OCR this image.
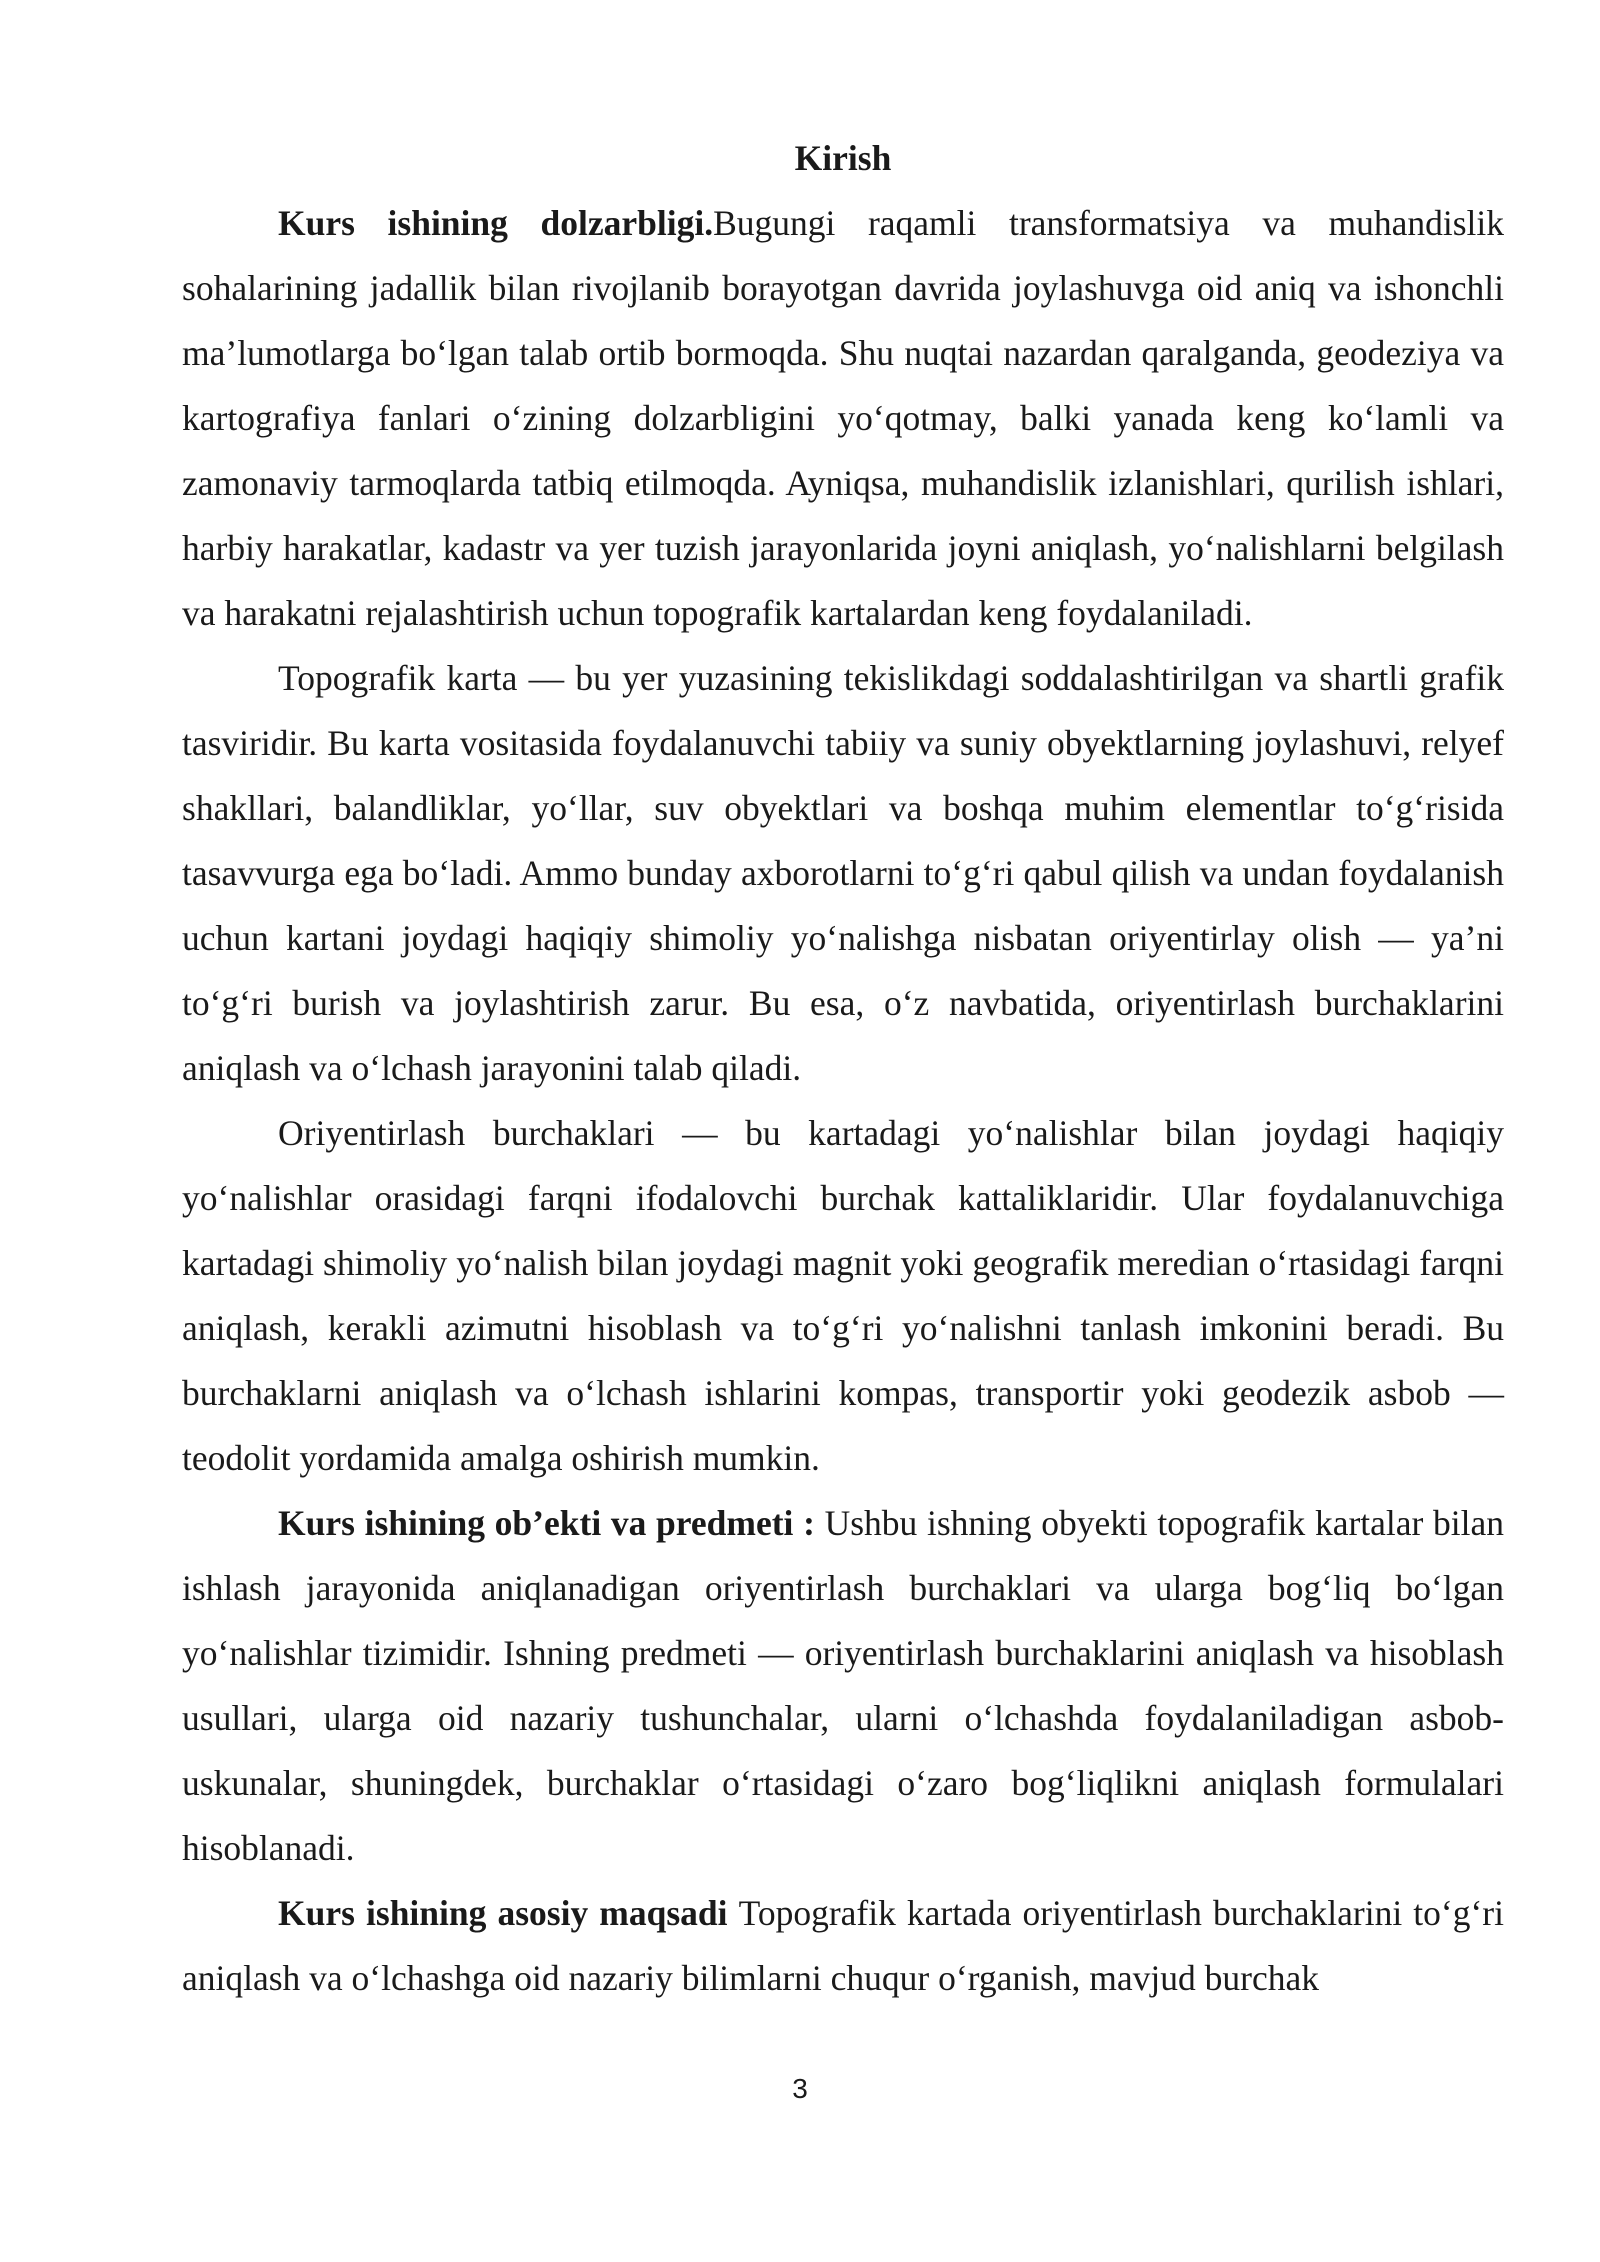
Kirish

Kurs ishining dolzarbligi.Bugungi raqamli transformatsiya va muhandislik sohalarining jadallik bilan rivojlanib borayotgan davrida joylashuvga oid aniq va ishonchli ma’lumotlarga bo‘lgan talab ortib bormoqda. Shu nuqtai nazardan qaralganda, geodeziya va kartografiya fanlari o‘zining dolzarbligini yo‘qotmay, balki yanada keng ko‘lamli va zamonaviy tarmoqlarda tatbiq etilmoqda. Ayniqsa, muhandislik izlanishlari, qurilish ishlari, harbiy harakatlar, kadastr va yer tuzish jarayonlarida joyni aniqlash, yo‘nalishlarni belgilash va harakatni rejalashtirish uchun topografik kartalardan keng foydalaniladi.

Topografik karta — bu yer yuzasining tekislikdagi soddalashtirilgan va shartli grafik tasviridir. Bu karta vositasida foydalanuvchi tabiiy va suniy obyektlarning joylashuvi, relyef shakllari, balandliklar, yo‘llar, suv obyektlari va boshqa muhim elementlar to‘g‘risida tasavvurga ega bo‘ladi. Ammo bunday axborotlarni to‘g‘ri qabul qilish va undan foydalanish uchun kartani joydagi haqiqiy shimoliy yo‘nalishga nisbatan oriyentirlay olish — ya’ni to‘g‘ri burish va joylashtirish zarur. Bu esa, o‘z navbatida, oriyentirlash burchaklarini aniqlash va o‘lchash jarayonini talab qiladi.

Oriyentirlash burchaklari — bu kartadagi yo‘nalishlar bilan joydagi haqiqiy yo‘nalishlar orasidagi farqni ifodalovchi burchak kattaliklaridir. Ular foydalanuvchiga kartadagi shimoliy yo‘nalish bilan joydagi magnit yoki geografik meredian o‘rtasidagi farqni aniqlash, kerakli azimutni hisoblash va to‘g‘ri yo‘nalishni tanlash imkonini beradi. Bu burchaklarni aniqlash va o‘lchash ishlarini kompas, transportir yoki geodezik asbob — teodolit yordamida amalga oshirish mumkin.

Kurs ishining ob’ekti va predmeti : Ushbu ishning obyekti topografik kartalar bilan ishlash jarayonida aniqlanadigan oriyentirlash burchaklari va ularga bog‘liq bo‘lgan yo‘nalishlar tizimidir. Ishning predmeti — oriyentirlash burchaklarini aniqlash va hisoblash usullari, ularga oid nazariy tushunchalar, ularni o‘lchashda foydalaniladigan asbob-uskunalar, shuningdek, burchaklar o‘rtasidagi o‘zaro bog‘liqlikni aniqlash formulalari hisoblanadi.

Kurs ishining asosiy maqsadi Topografik kartada oriyentirlash burchaklarini to‘g‘ri aniqlash va o‘lchashga oid nazariy bilimlarni chuqur o‘rganish, mavjud burchak

3
